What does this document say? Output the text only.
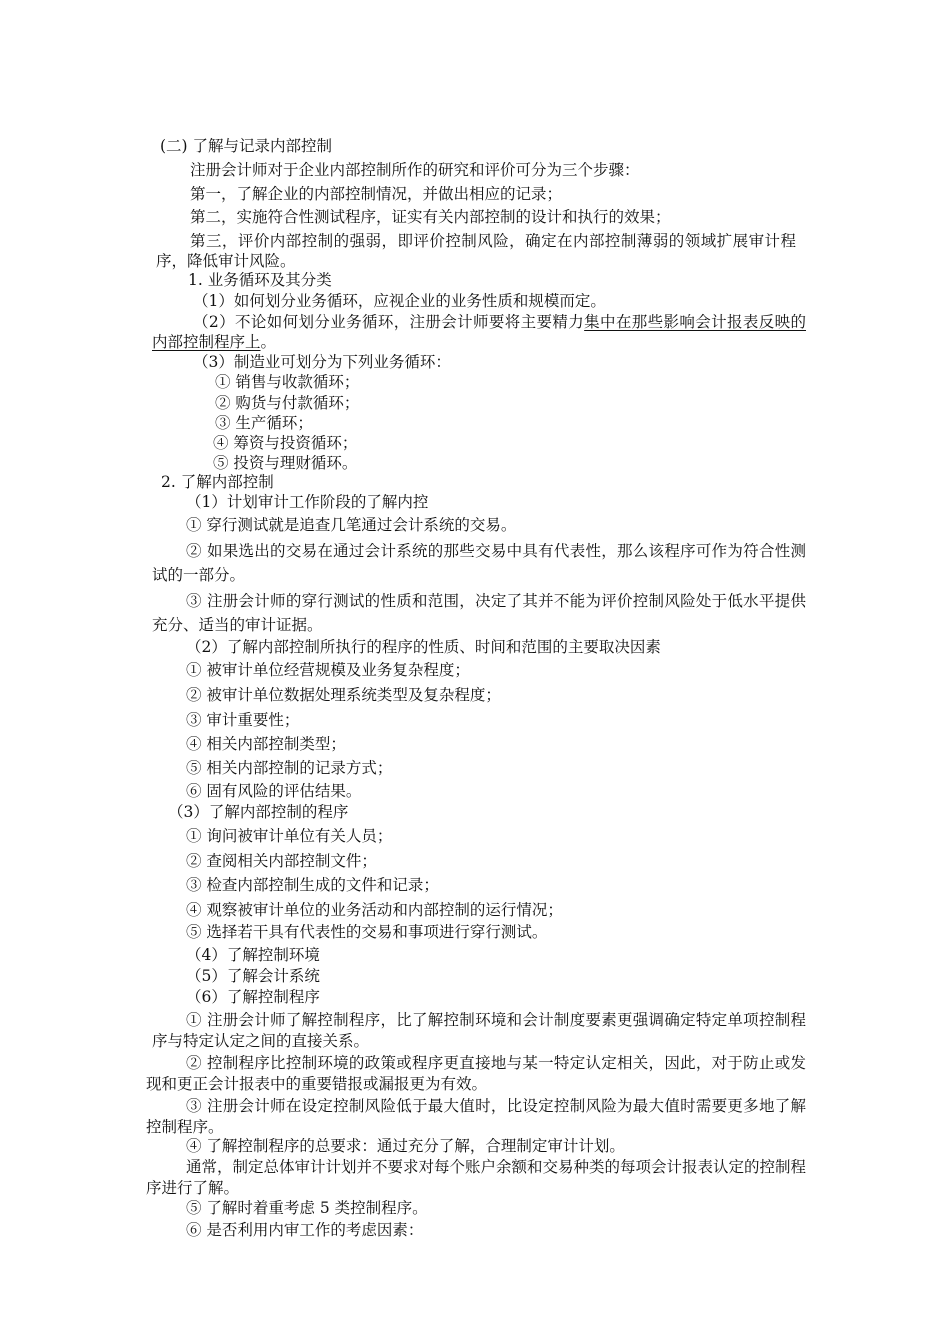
(二) 了解与记录内部控制
注册会计师对于企业内部控制所作的研究和评价可分为三个步骤：
第一，了解企业的内部控制情况，并做出相应的记录；
第二，实施符合性测试程序，证实有关内部控制的设计和执行的效果；
第三，评价内部控制的强弱，即评价控制风险，确定在内部控制薄弱的领域扩展审计程序，降低审计风险。
1. 业务循环及其分类
（1）如何划分业务循环，应视企业的业务性质和规模而定。
（2）不论如何划分业务循环，注册会计师要将主要精力集中在那些影响会计报表反映的内部控制程序上。
（3）制造业可划分为下列业务循环：
① 销售与收款循环；
② 购货与付款循环；
③ 生产循环；
④ 筹资与投资循环；
⑤ 投资与理财循环。
2. 了解内部控制
（1）计划审计工作阶段的了解内控
① 穿行测试就是追查几笔通过会计系统的交易。
② 如果选出的交易在通过会计系统的那些交易中具有代表性，那么该程序可作为符合性测试的一部分。
③ 注册会计师的穿行测试的性质和范围，决定了其并不能为评价控制风险处于低水平提供充分、适当的审计证据。
（2）了解内部控制所执行的程序的性质、时间和范围的主要取决因素
① 被审计单位经营规模及业务复杂程度；
② 被审计单位数据处理系统类型及复杂程度；
③ 审计重要性；
④ 相关内部控制类型；
⑤ 相关内部控制的记录方式；
⑥ 固有风险的评估结果。
（3）了解内部控制的程序
① 询问被审计单位有关人员；
② 查阅相关内部控制文件；
③ 检查内部控制生成的文件和记录；
④ 观察被审计单位的业务活动和内部控制的运行情况；
⑤ 选择若干具有代表性的交易和事项进行穿行测试。
（4）了解控制环境
（5）了解会计系统
（6）了解控制程序
① 注册会计师了解控制程序，比了解控制环境和会计制度要素更强调确定特定单项控制程序与特定认定之间的直接关系。
② 控制程序比控制环境的政策或程序更直接地与某一特定认定相关，因此，对于防止或发现和更正会计报表中的重要错报或漏报更为有效。
③ 注册会计师在设定控制风险低于最大值时，比设定控制风险为最大值时需要更多地了解控制程序。
④ 了解控制程序的总要求：通过充分了解，合理制定审计计划。
通常，制定总体审计计划并不要求对每个账户余额和交易种类的每项会计报表认定的控制程序进行了解。
⑤ 了解时着重考虑 5 类控制程序。
⑥ 是否利用内审工作的考虑因素：
